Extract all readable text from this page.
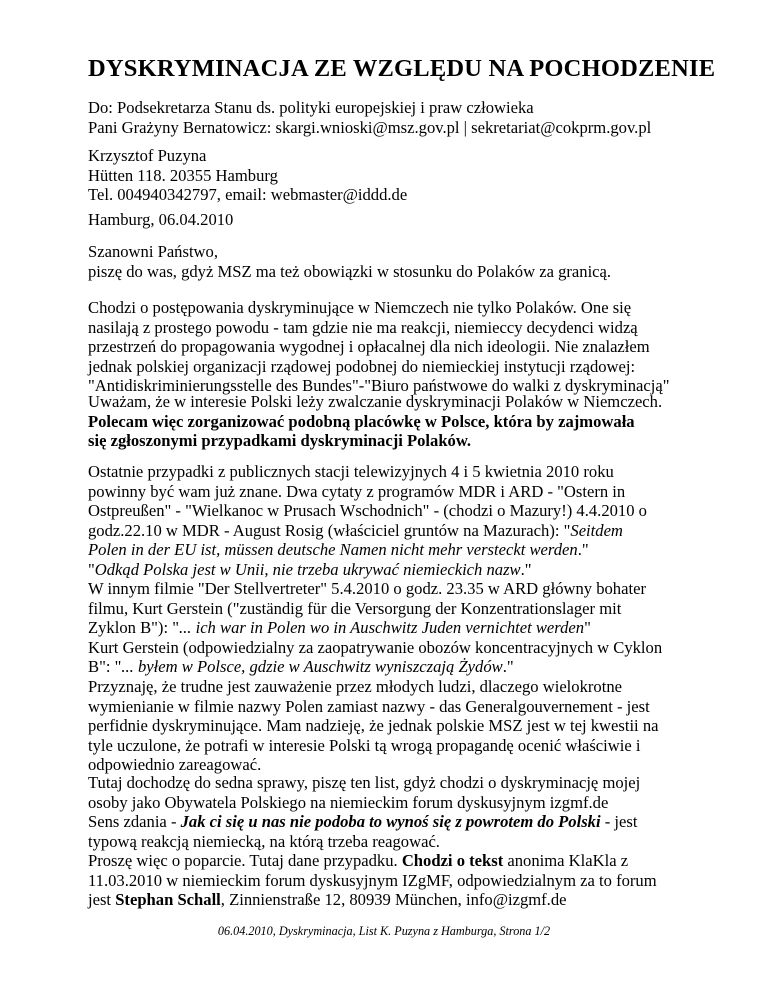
DYSKRYMINACJA ZE WZGLĘDU NA POCHODZENIE
Do: Podsekretarza Stanu ds. polityki europejskiej i praw człowieka
Pani Grażyny Bernatowicz: skargi.wnioski@msz.gov.pl | sekretariat@cokprm.gov.pl
Krzysztof Puzyna
Hütten 118. 20355 Hamburg
Tel. 004940342797, email: webmaster@iddd.de
Hamburg, 06.04.2010
Szanowni Państwo,
piszę do was, gdyż MSZ ma też obowiązki w stosunku do Polaków za granicą.
Chodzi o postępowania dyskryminujące w Niemczech nie tylko Polaków. One się
nasilają z prostego powodu - tam gdzie nie ma reakcji, niemieccy decydenci widzą
przestrzeń do propagowania wygodnej i opłacalnej dla nich ideologii. Nie znalazłem
jednak polskiej organizacji rządowej podobnej do niemieckiej instytucji rządowej:
"Antidiskriminierungsstelle des Bundes"-"Biuro państwowe do walki z dyskryminacją"
Uważam, że w interesie Polski leży zwalczanie dyskryminacji Polaków w Niemczech.
Polecam więc zorganizować podobną placówkę w Polsce, która by zajmowała
się zgłoszonymi przypadkami dyskryminacji Polaków.
Ostatnie przypadki z publicznych stacji telewizyjnych 4 i 5 kwietnia 2010 roku
powinny być wam już znane. Dwa cytaty z programów MDR i ARD - "Ostern in
Ostpreußen" - "Wielkanoc w Prusach Wschodnich" - (chodzi o Mazury!) 4.4.2010 o
godz.22.10 w MDR - August Rosig (właściciel gruntów na Mazurach): "Seitdem
Polen in der EU ist, müssen deutsche Namen nicht mehr versteckt werden."
"Odkąd Polska jest w Unii, nie trzeba ukrywać niemieckich nazw."
W innym filmie "Der Stellvertreter" 5.4.2010 o godz. 23.35 w ARD główny bohater
filmu, Kurt Gerstein ("zuständig für die Versorgung der Konzentrationslager mit
Zyklon B"): "... ich war in Polen wo in Auschwitz Juden vernichtet werden"
Kurt Gerstein (odpowiedzialny za zaopatrywanie obozów koncentracyjnych w Cyklon
B": "... byłem w Polsce, gdzie w Auschwitz wyniszczają Żydów."
Przyznaję, że trudne jest zauważenie przez młodych ludzi, dlaczego wielokrotne
wymienianie w filmie nazwy Polen zamiast nazwy - das Generalgouvernement - jest
perfidnie dyskryminujące. Mam nadzieję, że jednak polskie MSZ jest w tej kwestii na
tyle uczulone, że potrafi w interesie Polski tą wrogą propagandę ocenić właściwie i
odpowiednio zareagować.
Tutaj dochodzę do sedna sprawy, piszę ten list, gdyż chodzi o dyskryminację mojej
osoby jako Obywatela Polskiego na niemieckim forum dyskusyjnym izgmf.de
Sens zdania - Jak ci się u nas nie podoba to wynoś się z powrotem do Polski - jest
typową reakcją niemiecką, na którą trzeba reagować.
Proszę więc o poparcie. Tutaj dane przypadku. Chodzi o tekst anonima KlaKla z
11.03.2010 w niemieckim forum dyskusyjnym IZgMF, odpowiedzialnym za to forum
jest Stephan Schall, Zinnienstraße 12, 80939 München, info@izgmf.de
06.04.2010, Dyskryminacja, List K. Puzyna z Hamburga, Strona 1/2
